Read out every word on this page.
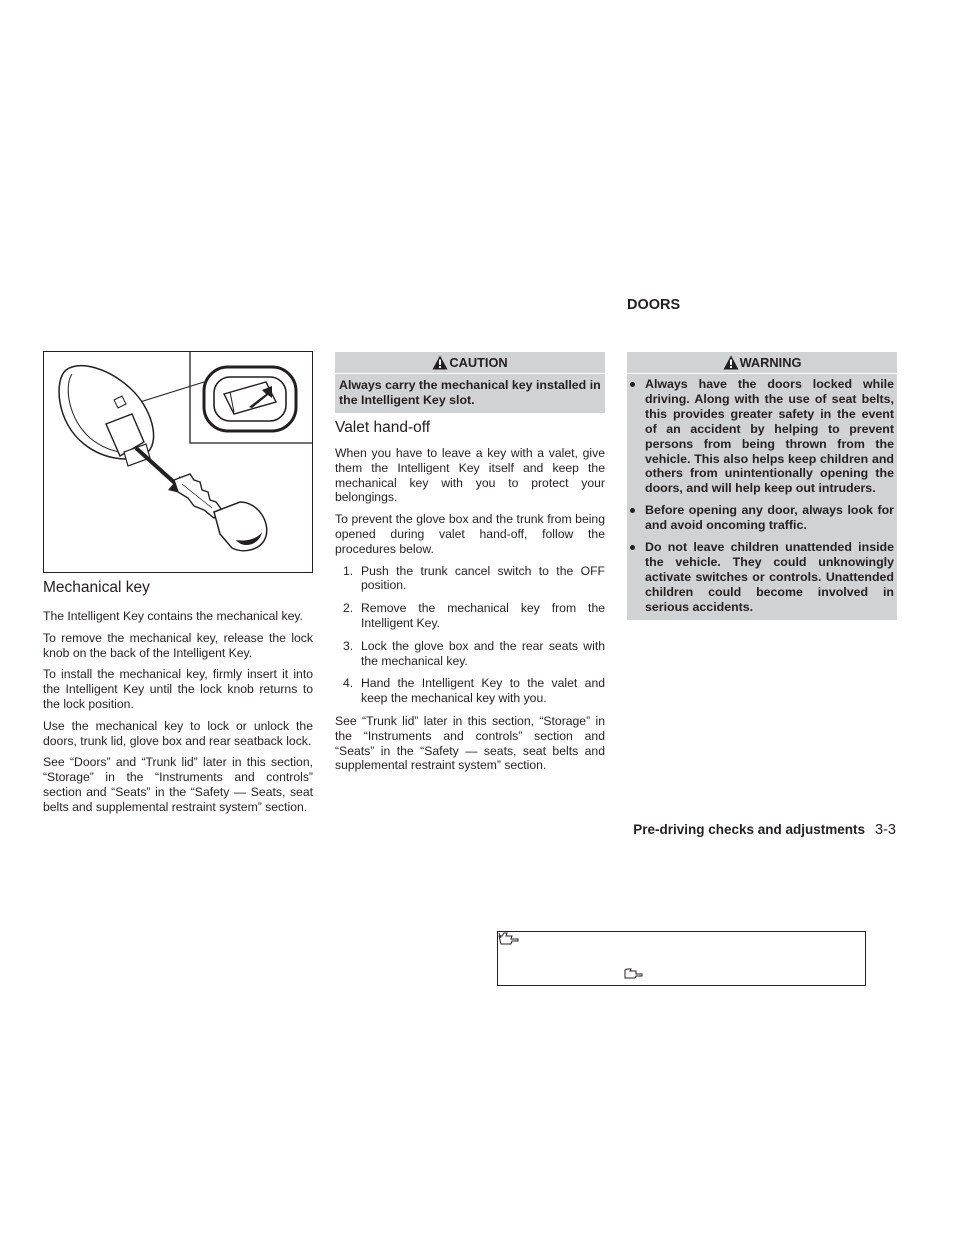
DOORS
Mechanical key

The Intelligent Key contains the mechanical key.

To remove the mechanical key, release the lock knob on the back of the Intelligent Key.

To install the mechanical key, firmly insert it into the Intelligent Key until the lock knob returns to the lock position.

Use the mechanical key to lock or unlock the doors, trunk lid, glove box and rear seatback lock.

See “Doors” and “Trunk lid” later in this section, “Storage” in the “Instruments and controls” section and “Seats” in the “Safety — Seats, seat belts and supplemental restraint system” section.

CAUTION
Always carry the mechanical key installed in the Intelligent Key slot.
Valet hand-off

When you have to leave a key with a valet, give them the Intelligent Key itself and keep the mechanical key with you to protect your belongings.

To prevent the glove box and the trunk from being opened during valet hand-off, follow the procedures below.

1. Push the trunk cancel switch to the OFF position.
2. Remove the mechanical key from the Intelligent Key.
3. Lock the glove box and the rear seats with the mechanical key.
4. Hand the Intelligent Key to the valet and keep the mechanical key with you.

See “Trunk lid” later in this section, “Storage” in the “Instruments and controls” section and “Seats” in the “Safety — seats, seat belts and supplemental restraint system” section.

WARNING
Always have the doors locked while driving. Along with the use of seat belts, this provides greater safety in the event of an accident by helping to prevent persons from being thrown from the vehicle. This also helps keep children and others from unintentionally opening the doors, and will help keep out intruders.
Before opening any door, always look for and avoid oncoming traffic.
Do not leave children unattended inside the vehicle. They could unknowingly activate switches or controls. Unattended children could become involved in serious accidents.
Pre-driving checks and adjustments 3-3
